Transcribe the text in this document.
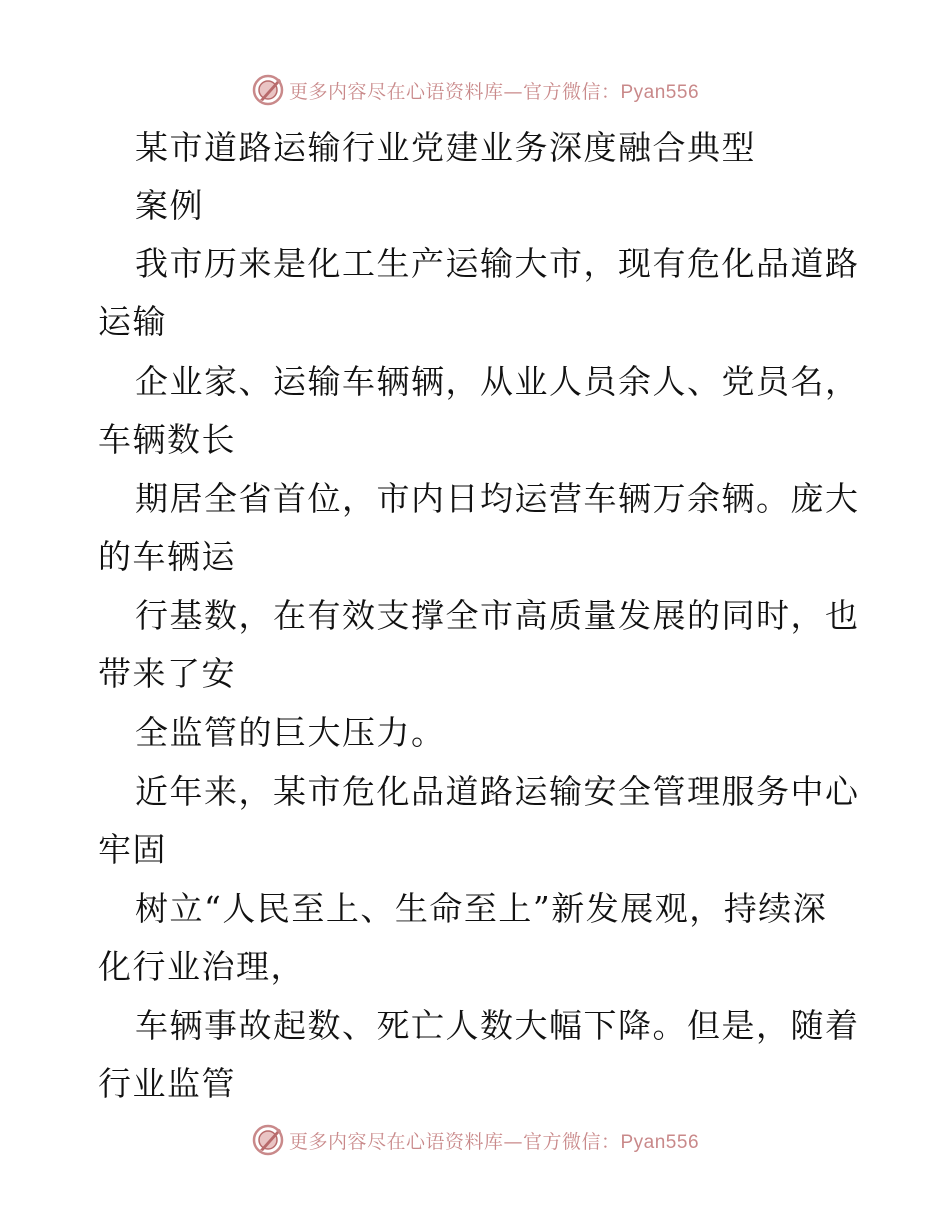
更多内容尽在心语资料库—官方微信：Pyan556
某市道路运输行业党建业务深度融合典型
案例
我市历来是化工生产运输大市，现有危化品道路
运输
企业家、运输车辆辆，从业人员余人、党员名，
车辆数长
期居全省首位，市内日均运营车辆万余辆。庞大
的车辆运
行基数，在有效支撑全市高质量发展的同时，也
带来了安
全监管的巨大压力。
近年来，某市危化品道路运输安全管理服务中心
牢固
树立“人民至上、生命至上”新发展观，持续深
化行业治理，
车辆事故起数、死亡人数大幅下降。但是，随着
行业监管
更多内容尽在心语资料库—官方微信：Pyan556
